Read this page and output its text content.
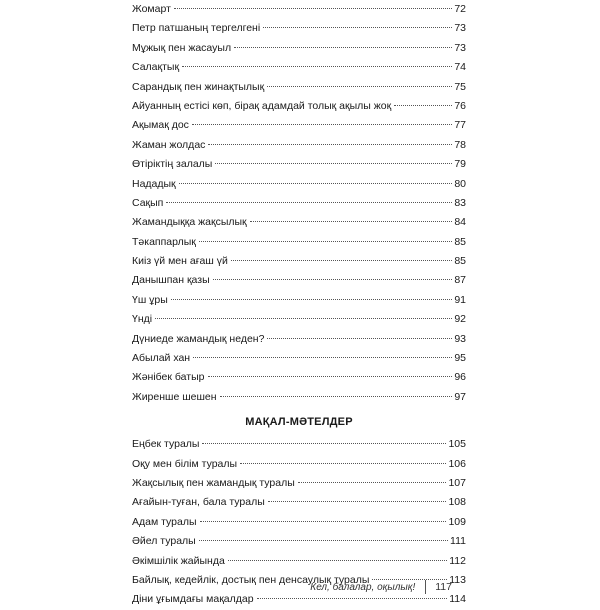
Жомарт	72
Петр патшаның тергелгені	73
Мұжық пен жасауыл	73
Салақтық	74
Сарандық пен жинақтылық	75
Айуанның естісі көп, бірақ адамдай толық ақылы жоқ	76
Ақымақ дос	77
Жаман жолдас	78
Өтіріктің залалы	79
Нададық	80
Сақып	83
Жамандыққа жақсылық	84
Тәкаппарлық	85
Киіз үй мен ағаш үй	85
Данышпан қазы	87
Үш ұры	91
Үнді	92
Дүниеде жамандық неден?	93
Абылай хан	95
Жәнібек батыр	96
Жиренше шешен	97
МАҚАЛ-МӘТЕЛДЕР
Еңбек туралы	105
Оқу мен білім туралы	106
Жақсылық пен жамандық туралы	107
Ағайын-туған, бала туралы	108
Адам туралы	109
Әйел туралы	111
Әкімшілік жайында	112
Байлық, кедейлік, достық пен денсаулық туралы	113
Діни ұғымдағы мақалдар	114
Кел, балалар, оқылық! 117
